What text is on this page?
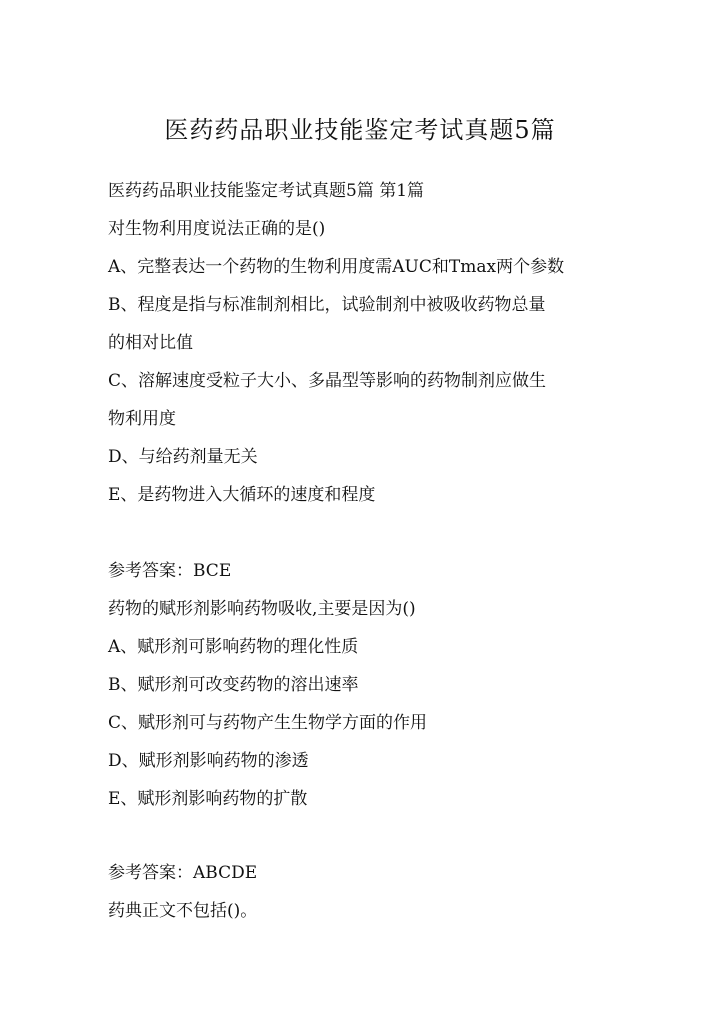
医药药品职业技能鉴定考试真题5篇
医药药品职业技能鉴定考试真题5篇 第1篇
对生物利用度说法正确的是()
A、完整表达一个药物的生物利用度需AUC和Tmax两个参数
B、程度是指与标准制剂相比，试验制剂中被吸收药物总量
的相对比值
C、溶解速度受粒子大小、多晶型等影响的药物制剂应做生
物利用度
D、与给药剂量无关
E、是药物进入大循环的速度和程度
参考答案：BCE
药物的赋形剂影响药物吸收,主要是因为()
A、赋形剂可影响药物的理化性质
B、赋形剂可改变药物的溶出速率
C、赋形剂可与药物产生生物学方面的作用
D、赋形剂影响药物的渗透
E、赋形剂影响药物的扩散
参考答案：ABCDE
药典正文不包括()。
